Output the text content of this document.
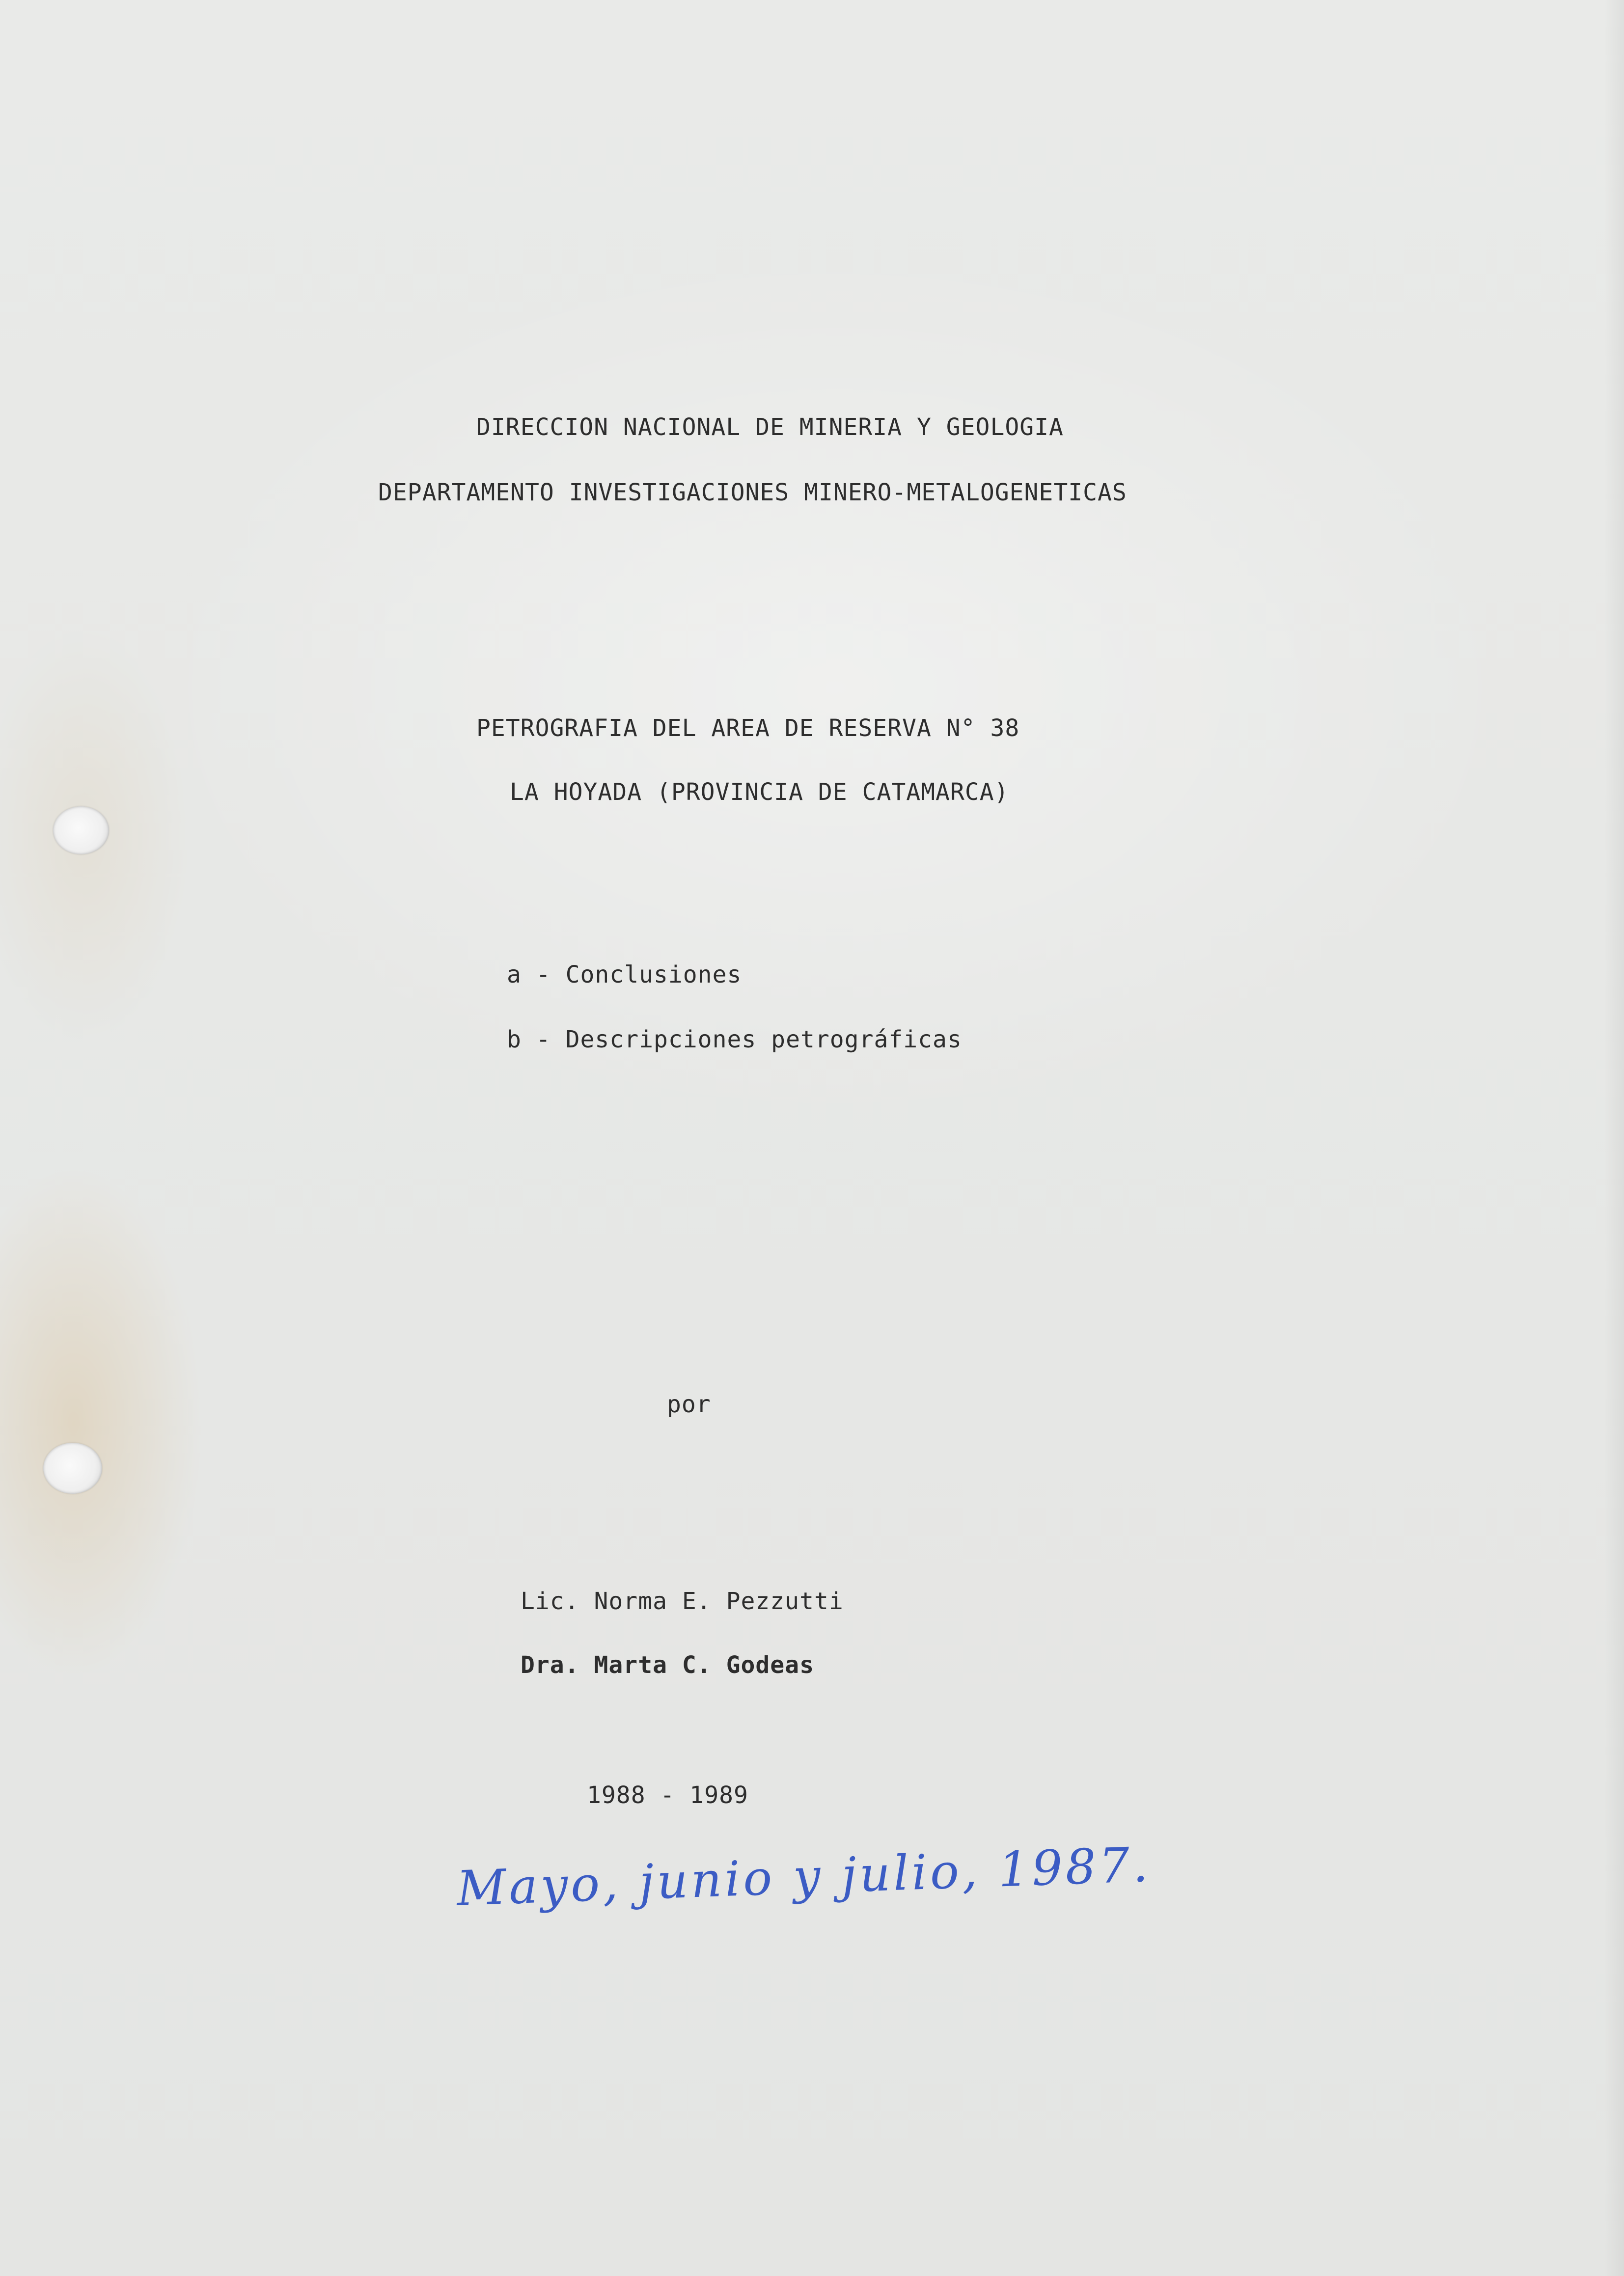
DIRECCION NACIONAL DE MINERIA Y GEOLOGIA
DEPARTAMENTO INVESTIGACIONES MINERO-METALOGENETICAS
PETROGRAFIA DEL AREA DE RESERVA N° 38
LA HOYADA (PROVINCIA DE CATAMARCA)
a - Conclusiones
b - Descripciones petrográficas
por
Lic. Norma E. Pezzutti
Dra. Marta C. Godeas
1988 - 1989
Mayo, junio y julio, 1987.
